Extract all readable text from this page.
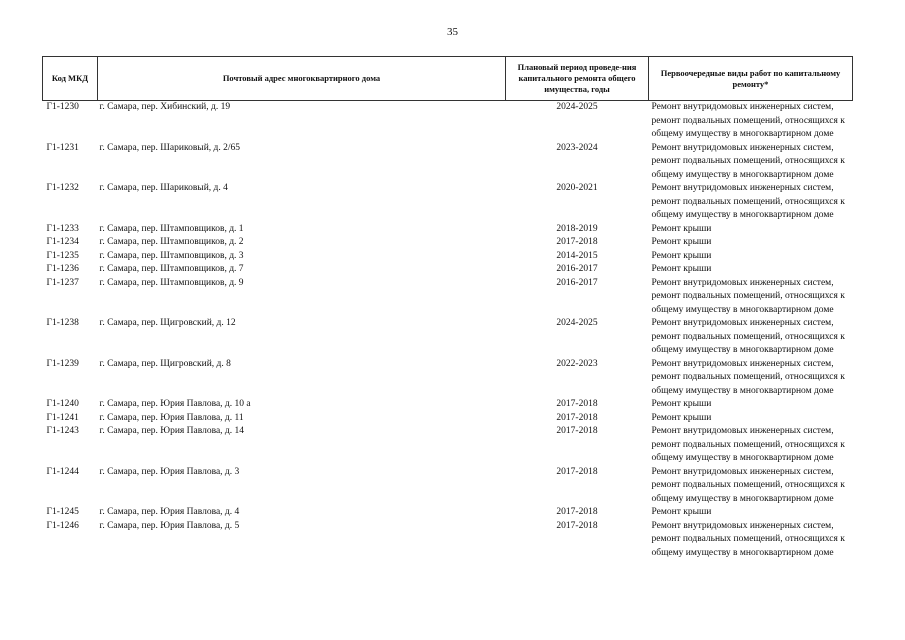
35
Код МКД	Почтовый адрес многоквартирного дома	Плановый период проведе-ния капитального ремонта общего имущества, годы	Первоочередные виды работ по капитальному ремонту*
Г1-1230	г. Самара, пер. Хибинский, д. 19	2024-2025	Ремонт внутридомовых инженерных систем,
ремонт подвальных помещений, относящихся к
общему имуществу в многоквартирном доме

Г1-1231	г. Самара, пер. Шариковый, д. 2/65	2023-2024	Ремонт внутридомовых инженерных систем,
ремонт подвальных помещений, относящихся к
общему имуществу в многоквартирном доме

Г1-1232	г. Самара, пер. Шариковый, д. 4	2020-2021	Ремонт внутридомовых инженерных систем,
ремонт подвальных помещений, относящихся к
общему имуществу в многоквартирном доме

Г1-1233	г. Самара, пер. Штамповщиков, д. 1	2018-2019	Ремонт крыши

Г1-1234	г. Самара, пер. Штамповщиков, д. 2	2017-2018	Ремонт крыши

Г1-1235	г. Самара, пер. Штамповщиков, д. 3	2014-2015	Ремонт крыши

Г1-1236	г. Самара, пер. Штамповщиков, д. 7	2016-2017	Ремонт крыши

Г1-1237	г. Самара, пер. Штамповщиков, д. 9	2016-2017	Ремонт внутридомовых инженерных систем,
ремонт подвальных помещений, относящихся к
общему имуществу в многоквартирном доме

Г1-1238	г. Самара, пер. Щигровский, д. 12	2024-2025	Ремонт внутридомовых инженерных систем,
ремонт подвальных помещений, относящихся к
общему имуществу в многоквартирном доме

Г1-1239	г. Самара, пер. Щигровский, д. 8	2022-2023	Ремонт внутридомовых инженерных систем,
ремонт подвальных помещений, относящихся к
общему имуществу в многоквартирном доме

Г1-1240	г. Самара, пер. Юрия Павлова, д. 10 а	2017-2018	Ремонт крыши

Г1-1241	г. Самара, пер. Юрия Павлова, д. 11	2017-2018	Ремонт крыши

Г1-1243	г. Самара, пер. Юрия Павлова, д. 14	2017-2018	Ремонт внутридомовых инженерных систем,
ремонт подвальных помещений, относящихся к
общему имуществу в многоквартирном доме

Г1-1244	г. Самара, пер. Юрия Павлова, д. 3	2017-2018	Ремонт внутридомовых инженерных систем,
ремонт подвальных помещений, относящихся к
общему имуществу в многоквартирном доме

Г1-1245	г. Самара, пер. Юрия Павлова, д. 4	2017-2018	Ремонт крыши

Г1-1246	г. Самара, пер. Юрия Павлова, д. 5	2017-2018	Ремонт внутридомовых инженерных систем,
ремонт подвальных помещений, относящихся к
общему имуществу в многоквартирном доме
